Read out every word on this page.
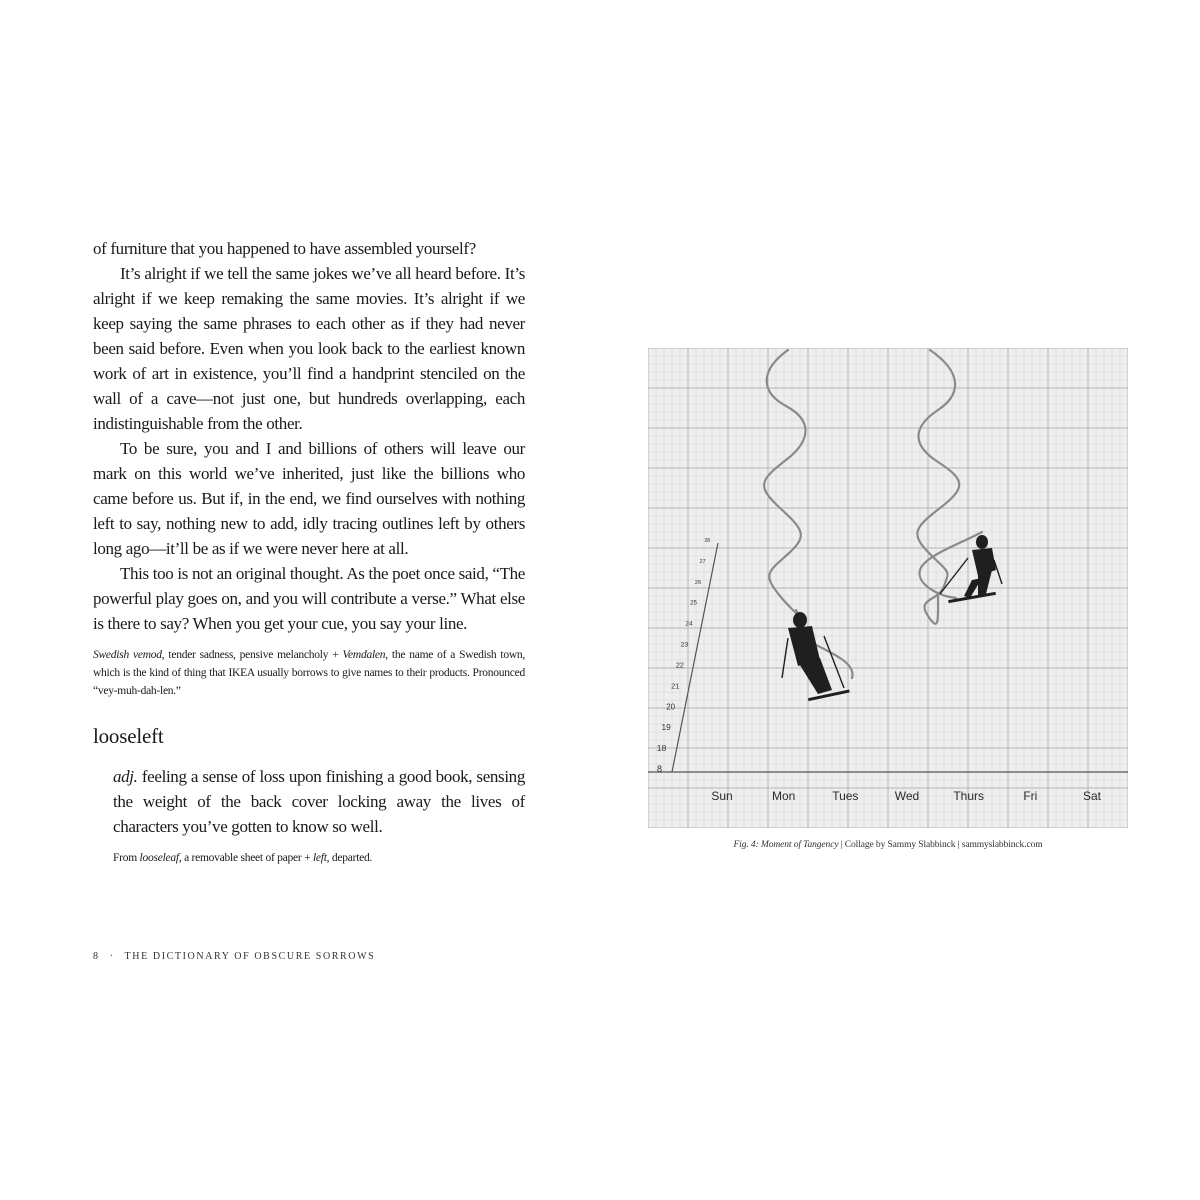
of furniture that you happened to have assembled yourself?

It’s alright if we tell the same jokes we’ve all heard before. It’s alright if we keep remaking the same movies. It’s alright if we keep saying the same phrases to each other as if they had never been said before. Even when you look back to the earliest known work of art in existence, you’ll find a handprint stenciled on the wall of a cave—not just one, but hundreds overlapping, each indistinguishable from the other.

To be sure, you and I and billions of others will leave our mark on this world we’ve inherited, just like the billions who came before us. But if, in the end, we find ourselves with nothing left to say, nothing new to add, idly tracing outlines left by others long ago—it’ll be as if we were never here at all.

This too is not an original thought. As the poet once said, “The powerful play goes on, and you will contribute a verse.” What else is there to say? When you get your cue, you say your line.

Swedish vemod, tender sadness, pensive melancholy + Vemdalen, the name of a Swedish town, which is the kind of thing that IKEA usually borrows to give names to their products. Pronounced “vey-muh-dah-len.”
looseleft
adj. feeling a sense of loss upon finishing a good book, sensing the weight of the back cover locking away the lives of characters you’ve gotten to know so well.
From looseleaf, a removable sheet of paper + left, departed.
8 · THE DICTIONARY OF OBSCURE SORROWS
8
18
19
20
21
22
23
24
25
26
27
28
Sun	Mon	Tues	Wed	Thurs	Fri	Sat
Fig. 4: Moment of Tangency | Collage by Sammy Slabbinck | sammyslabbinck.com
